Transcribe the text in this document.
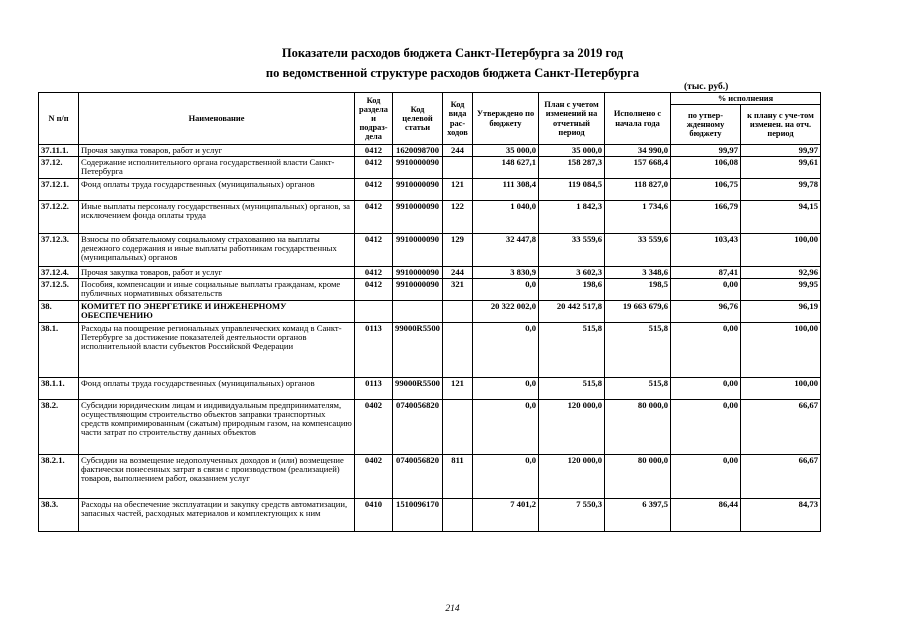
Показатели расходов бюджета Санкт-Петербурга за 2019 год
по ведомственной структуре расходов бюджета Санкт-Петербурга
(тыс. руб.)
N п/п	Наименование	Код раздела и подраз-дела	Код целевой статьи	Код вида рас-ходов	Утверждено по бюджету	План с учетом изменений на отчетный период	Исполнено с начала года	% исполнения	
								по утвер-жденному бюджету	к плану с уче-том изменен. на отч. период
37.11.1.	Прочая закупка товаров, работ и услуг	0412	1620098700	244	35 000,0	35 000,0	34 990,0	99,97	99,97
37.12.	Содержание исполнительного органа государственной власти Санкт-Петербурга	0412	9910000090		148 627,1	158 287,3	157 668,4	106,08	99,61
37.12.1.	Фонд оплаты труда государственных (муниципальных) органов	0412	9910000090	121	111 308,4	119 084,5	118 827,0	106,75	99,78
37.12.2.	Иные выплаты персоналу государственных (муниципальных) органов, за исключением фонда оплаты труда	0412	9910000090	122	1 040,0	1 842,3	1 734,6	166,79	94,15
37.12.3.	Взносы по обязательному социальному страхованию на выплаты денежного содержания и иные выплаты работникам государственных (муниципальных) органов	0412	9910000090	129	32 447,8	33 559,6	33 559,6	103,43	100,00
37.12.4.	Прочая закупка товаров, работ и услуг	0412	9910000090	244	3 830,9	3 602,3	3 348,6	87,41	92,96
37.12.5.	Пособия, компенсации и иные социальные выплаты гражданам, кроме публичных нормативных обязательств	0412	9910000090	321	0,0	198,6	198,5	0,00	99,95
38.	КОМИТЕТ ПО ЭНЕРГЕТИКЕ И ИНЖЕНЕРНОМУ ОБЕСПЕЧЕНИЮ				20 322 002,0	20 442 517,8	19 663 679,6	96,76	96,19
38.1.	Расходы на поощрение региональных управленческих команд в Санкт-Петербурге за достижение показателей деятельности органов исполнительной власти субъектов Российской Федерации	0113	99000R5500		0,0	515,8	515,8	0,00	100,00
38.1.1.	Фонд оплаты труда государственных (муниципальных) органов	0113	99000R5500	121	0,0	515,8	515,8	0,00	100,00
38.2.	Субсидии юридическим лицам и индивидуальным предпринимателям, осуществляющим строительство объектов заправки транспортных средств компримированным (сжатым) природным газом, на компенсацию части затрат по строительству данных объектов	0402	0740056820		0,0	120 000,0	80 000,0	0,00	66,67
38.2.1.	Субсидии на возмещение недополученных доходов и (или) возмещение фактически понесенных затрат в связи с производством (реализацией) товаров, выполнением работ, оказанием услуг	0402	0740056820	811	0,0	120 000,0	80 000,0	0,00	66,67
38.3.	Расходы на обеспечение эксплуатации и закупку средств автоматизации, запасных частей, расходных материалов и комплектующих к ним	0410	1510096170		7 401,2	7 550,3	6 397,5	86,44	84,73
214
